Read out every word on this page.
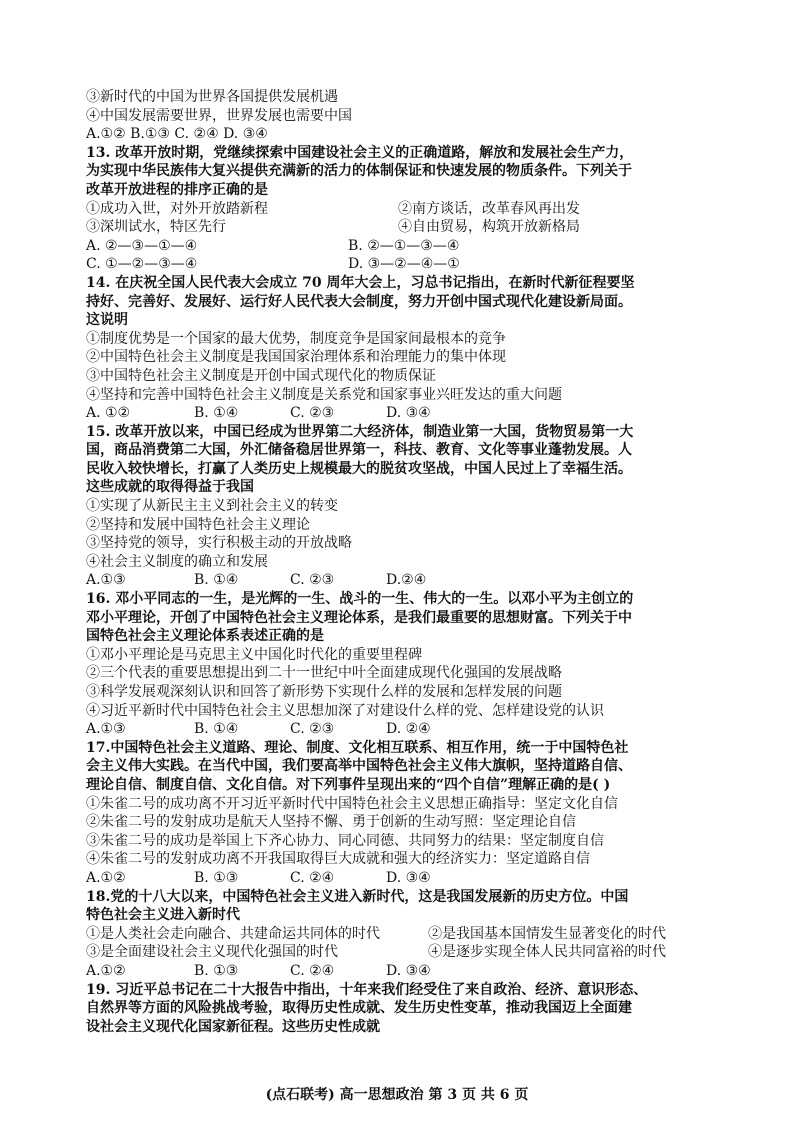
③新时代的中国为世界各国提供发展机遇
④中国发展需要世界，世界发展也需要中国
A.①② B.①③ C. ②④ D. ③④
13. 改革开放时期，党继续探索中国建设社会主义的正确道路，解放和发展社会生产力，
为实现中华民族伟大复兴提供充满新的活力的体制保证和快速发展的物质条件。下列关于
改革开放进程的排序正确的是
①成功入世，对外开放踏新程	②南方谈话，改革春风再出发
③深圳试水，特区先行	④自由贸易，构筑开放新格局
A. ②—③—①—④	B. ②—①—③—④
C. ①—②—③—④	D. ③—②—④—①
14. 在庆祝全国人民代表大会成立 70 周年大会上，习总书记指出，在新时代新征程要坚
持好、完善好、发展好、运行好人民代表大会制度，努力开创中国式现代化建设新局面。
这说明
①制度优势是一个国家的最大优势，制度竞争是国家间最根本的竞争
②中国特色社会主义制度是我国国家治理体系和治理能力的集中体现
③中国特色社会主义制度是开创中国式现代化的物质保证
④坚持和完善中国特色社会主义制度是关系党和国家事业兴旺发达的重大问题
A. ①②	B. ①④	C. ②③	D. ③④
15. 改革开放以来，中国已经成为世界第二大经济体，制造业第一大国，货物贸易第一大
国，商品消费第二大国，外汇储备稳居世界第一，科技、教育、文化等事业蓬勃发展。人
民收入较快增长，打赢了人类历史上规模最大的脱贫攻坚战，中国人民过上了幸福生活。
这些成就的取得得益于我国
①实现了从新民主主义到社会主义的转变
②坚持和发展中国特色社会主义理论
③坚持党的领导，实行积极主动的开放战略
④社会主义制度的确立和发展
A.①③	B. ①④	C. ②③	D.②④
16. 邓小平同志的一生，是光辉的一生、战斗的一生、伟大的一生。以邓小平为主创立的
邓小平理论，开创了中国特色社会主义理论体系，是我们最重要的思想财富。下列关于中
国特色社会主义理论体系表述正确的是
①邓小平理论是马克思主义中国化时代化的重要里程碑
②三个代表的重要思想提出到二十一世纪中叶全面建成现代化强国的发展战略
③科学发展观深刻认识和回答了新形势下实现什么样的发展和怎样发展的问题
④习近平新时代中国特色社会主义思想加深了对建设什么样的党、怎样建设党的认识
A.①③	B. ①④	C. ②③	D. ②④
17.中国特色社会主义道路、理论、制度、文化相互联系、相互作用，统一于中国特色社
会主义伟大实践。在当代中国，我们要高举中国特色社会主义伟大旗帜，坚持道路自信、
理论自信、制度自信、文化自信。对下列事件呈现出来的“四个自信”理解正确的是( )
①朱雀二号的成功离不开习近平新时代中国特色社会主义思想正确指导：坚定文化自信
②朱雀二号的发射成功是航天人坚持不懈、勇于创新的生动写照：坚定理论自信
③朱雀二号的成功是举国上下齐心协力、同心同德、共同努力的结果：坚定制度自信
④朱雀二号的发射成功离不开我国取得巨大成就和强大的经济实力：坚定道路自信
A.①②	B. ①③	C. ②④	D. ③④
18.党的十八大以来，中国特色社会主义进入新时代，这是我国发展新的历史方位。中国
特色社会主义进入新时代
①是人类社会走向融合、共建命运共同体的时代	②是我国基本国情发生显著变化的时代
③是全面建设社会主义现代化强国的时代	④是逐步实现全体人民共同富裕的时代
A.①②	B. ①③	C. ②④	D. ③④
19. 习近平总书记在二十大报告中指出，十年来我们经受住了来自政治、经济、意识形态、
自然界等方面的风险挑战考验，取得历史性成就、发生历史性变革，推动我国迈上全面建
设社会主义现代化国家新征程。这些历史性成就
(点石联考) 高一思想政治 第 3 页 共 6 页
